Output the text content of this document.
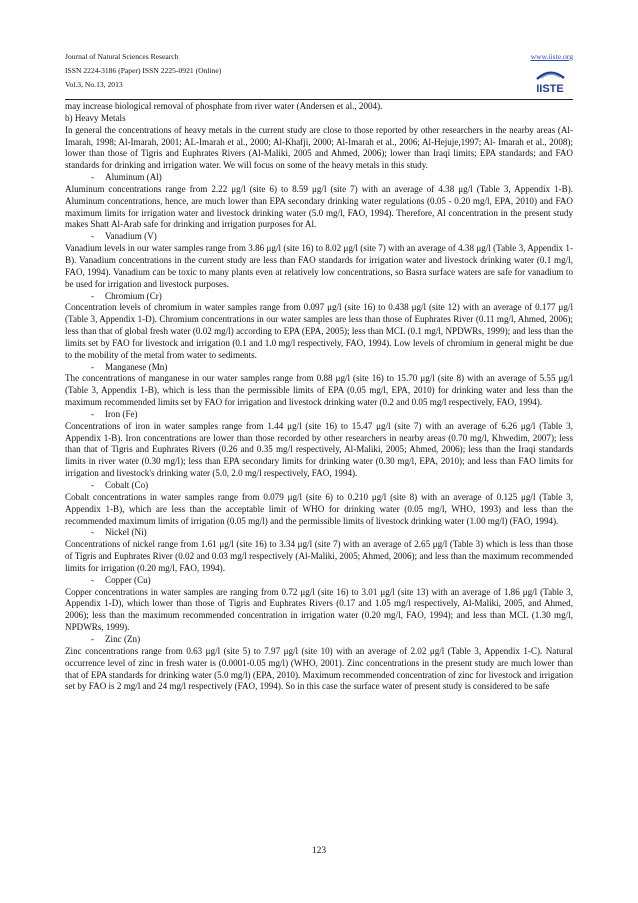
Journal of Natural Sciences Research
ISSN 2224-3186 (Paper) ISSN 2225-0921 (Online)
Vol.3, No.13, 2013
www.iiste.org
IISTE

may increase biological removal of phosphate from river water (Andersen et al., 2004).

b) Heavy Metals

In general the concentrations of heavy metals in the current study are close to those reported by other researchers in the nearby areas (Al-Imarah, 1998; Al-Imarah, 2001; AL-Imarah et al., 2000; Al-Khafji, 2000; Al-Imarah et al., 2006; Al-Hejuje,1997; Al- Imarah et al., 2008); lower than those of Tigris and Euphrates Rivers (Al-Maliki, 2005 and Ahmed, 2006); lower than Iraqi limits; EPA standards; and FAO standards for drinking and irrigation water. We will focus on some of the heavy metals in this study.

- Aluminum (Al)

Aluminum concentrations range from 2.22 μg/l (site 6) to 8.59 μg/l (site 7) with an average of 4.38 μg/l (Table 3, Appendix 1-B). Aluminum concentrations, hence, are much lower than EPA secondary drinking water regulations (0.05 - 0.20 mg/l, EPA, 2010) and FAO maximum limits for irrigation water and livestock drinking water (5.0 mg/l, FAO, 1994). Therefore, Al concentration in the present study makes Shatt Al-Arab safe for drinking and irrigation purposes for Al.

- Vanadium (V)

Vanadium levels in our water samples range from 3.86 μg/l (site 16) to 8.02 μg/l (site 7) with an average of 4.38 μg/l (Table 3, Appendix 1-B). Vanadium concentrations in the current study are less than FAO standards for irrigation water and livestock drinking water (0.1 mg/l, FAO, 1994). Vanadium can be toxic to many plants even at relatively low concentrations, so Basra surface waters are safe for vanadium to be used for irrigation and livestock purposes.

- Chromium (Cr)

Concentration levels of chromium in water samples range from 0.097 μg/l (site 16) to 0.438 μg/l (site 12) with an average of 0.177 μg/l (Table 3, Appendix 1-D). Chromium concentrations in our water samples are less than those of Euphrates River (0.11 mg/l, Ahmed, 2006); less than that of global fresh water (0.02 mg/l) according to EPA (EPA, 2005); less than MCL (0.1 mg/l, NPDWRs, 1999); and less than the limits set by FAO for livestock and irrigation (0.1 and 1.0 mg/l respectively, FAO, 1994). Low levels of chromium in general might be due to the mobility of the metal from water to sediments.

- Manganese (Mn)

The concentrations of manganese in our water samples range from 0.88 μg/l (site 16) to 15.70 μg/l (site 8) with an average of 5.55 μg/l (Table 3, Appendix 1-B), which is less than the permissible limits of EPA (0.05 mg/l, EPA, 2010) for drinking water and less than the maximum recommended limits set by FAO for irrigation and livestock drinking water (0.2 and 0.05 mg/l respectively, FAO, 1994).

- Iron (Fe)

Concentrations of iron in water samples range from 1.44 μg/l (site 16) to 15.47 μg/l (site 7) with an average of 6.26 μg/l (Table 3, Appendix 1-B). Iron concentrations are lower than those recorded by other researchers in nearby areas (0.70 mg/l, Khwedim, 2007); less than that of Tigris and Euphrates Rivers (0.26 and 0.35 mg/l respectively, Al-Maliki, 2005; Ahmed, 2006); less than the Iraqi standards limits in river water (0.30 mg/l); less than EPA secondary limits for drinking water (0.30 mg/l, EPA, 2010); and less than FAO limits for irrigation and livestock's drinking water (5.0, 2.0 mg/l respectively, FAO, 1994).

- Cobalt (Co)

Cobalt concentrations in water samples range from 0.079 μg/l (site 6) to 0.210 μg/l (site 8) with an average of 0.125 μg/l (Table 3, Appendix 1-B), which are less than the acceptable limit of WHO for drinking water (0.05 mg/l, WHO, 1993) and less than the recommended maximum limits of irrigation (0.05 mg/l) and the permissible limits of livestock drinking water (1.00 mg/l) (FAO, 1994).

- Nickel (Ni)

Concentrations of nickel range from 1.61 μg/l (site 16) to 3.34 μg/l (site 7) with an average of 2.65 μg/l (Table 3) which is less than those of Tigris and Euphrates River (0.02 and 0.03 mg/l respectively (Al-Maliki, 2005; Ahmed, 2006); and less than the maximum recommended limits for irrigation (0.20 mg/l, FAO, 1994).

- Copper (Cu)

Copper concentrations in water samples are ranging from 0.72 μg/l (site 16) to 3.01 μg/l (site 13) with an average of 1.86 μg/l (Table 3, Appendix 1-D), which lower than those of Tigris and Euphrates Rivers (0.17 and 1.05 mg/l respectively, Al-Maliki, 2005, and Ahmed, 2006); less than the maximum recommended concentration in irrigation water (0.20 mg/l, FAO, 1994); and less than MCL (1.30 mg/l, NPDWRs, 1999).

- Zinc (Zn)

Zinc concentrations range from 0.63 μg/l (site 5) to 7.97 μg/l (site 10) with an average of 2.02 μg/l (Table 3, Appendix 1-C). Natural occurrence level of zinc in fresh water is (0.0001-0.05 mg/l) (WHO, 2001). Zinc concentrations in the present study are much lower than that of EPA standards for drinking water (5.0 mg/l) (EPA, 2010). Maximum recommended concentration of zinc for livestock and irrigation set by FAO is 2 mg/l and 24 mg/l respectively (FAO, 1994). So in this case the surface water of present study is considered to be safe

123
